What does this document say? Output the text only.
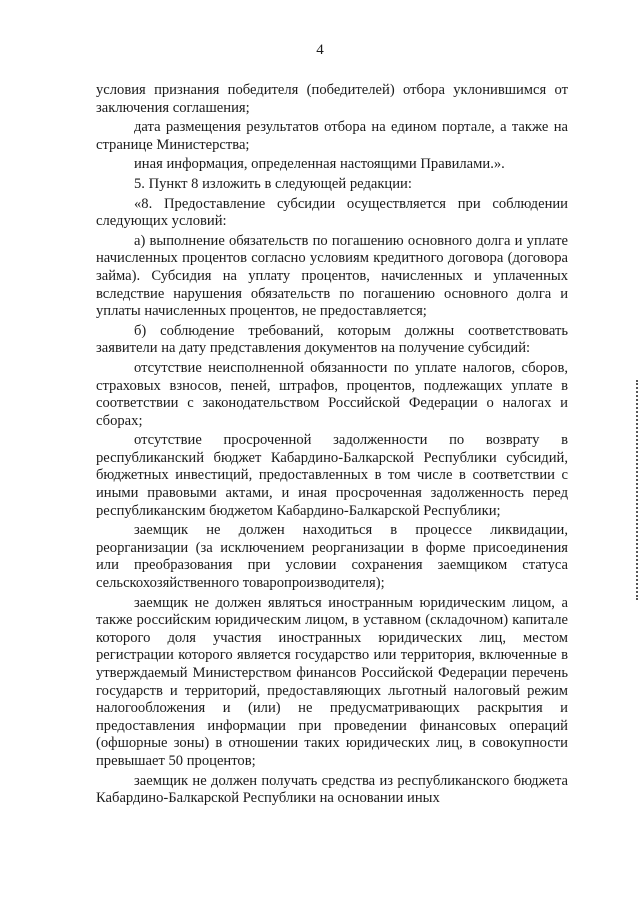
4

условия признания победителя (победителей) отбора уклонившимся от заключения соглашения;

дата размещения результатов отбора на едином портале, а также на странице Министерства;

иная информация, определенная настоящими Правилами.».

5. Пункт 8 изложить в следующей редакции:

«8. Предоставление субсидии осуществляется при соблюдении следующих условий:

а) выполнение обязательств по погашению основного долга и уплате начисленных процентов согласно условиям кредитного договора (договора займа). Субсидия на уплату процентов, начисленных и уплаченных вследствие нарушения обязательств по погашению основного долга и уплаты начисленных процентов, не предоставляется;

б) соблюдение требований, которым должны соответствовать заявители на дату представления документов на получение субсидий:

отсутствие неисполненной обязанности по уплате налогов, сборов, страховых взносов, пеней, штрафов, процентов, подлежащих уплате в соответствии с законодательством Российской Федерации о налогах и сборах;

отсутствие просроченной задолженности по возврату в республиканский бюджет Кабардино-Балкарской Республики субсидий, бюджетных инвестиций, предоставленных в том числе в соответствии с иными правовыми актами, и иная просроченная задолженность перед республиканским бюджетом Кабардино-Балкарской Республики;

заемщик не должен находиться в процессе ликвидации, реорганизации (за исключением реорганизации в форме присоединения или преобразования при условии сохранения заемщиком статуса сельскохозяйственного товаропроизводителя);

заемщик не должен являться иностранным юридическим лицом, а также российским юридическим лицом, в уставном (складочном) капитале которого доля участия иностранных юридических лиц, местом регистрации которого является государство или территория, включенные в утверждаемый Министерством финансов Российской Федерации перечень государств и территорий, предоставляющих льготный налоговый режим налогообложения и (или) не предусматривающих раскрытия и предоставления информации при проведении финансовых операций (офшорные зоны) в отношении таких юридических лиц, в совокупности превышает 50 процентов;

заемщик не должен получать средства из республиканского бюджета Кабардино-Балкарской Республики на основании иных
